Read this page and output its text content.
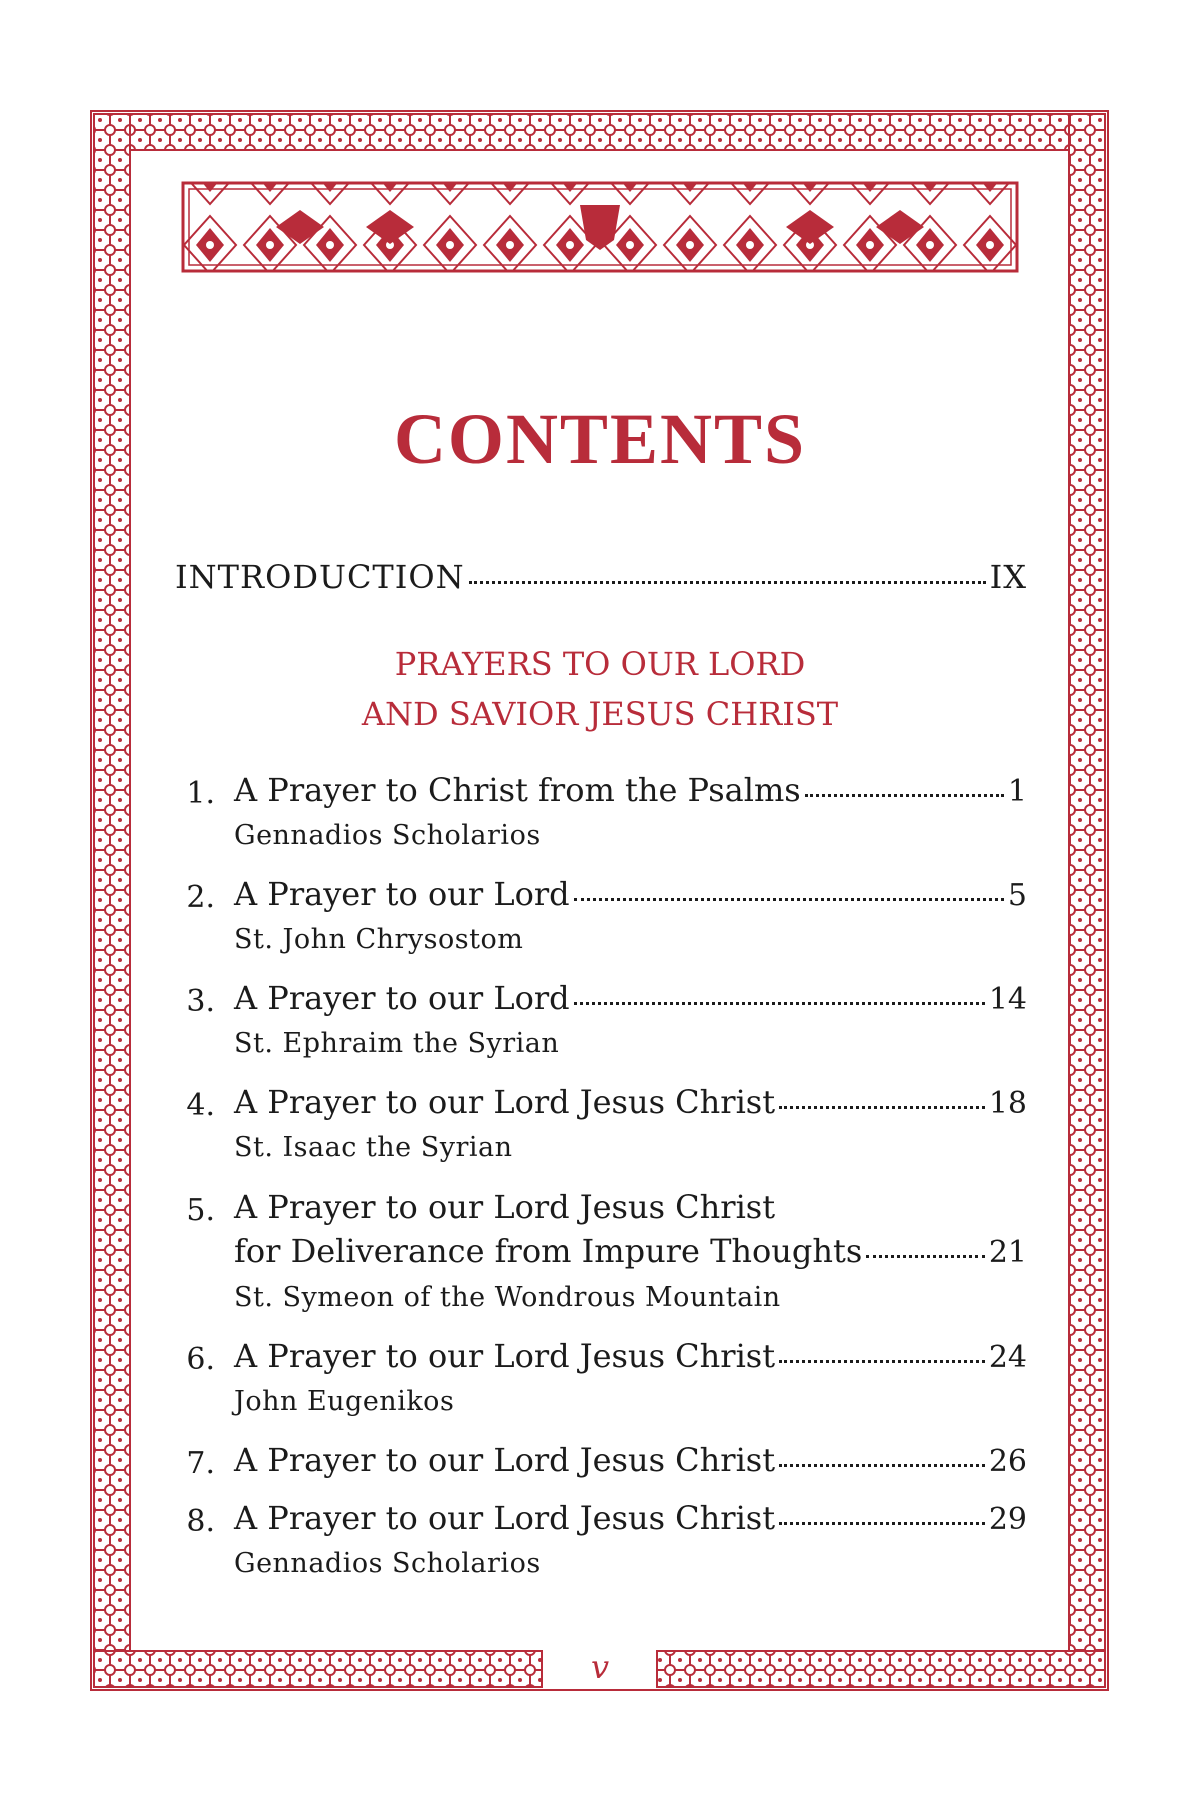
CONTENTS
INTRODUCTION	IX
PRAYERS TO OUR LORD
AND SAVIOR JESUS CHRIST
1. A Prayer to Christ from the Psalms	1
Gennadios Scholarios
2. A Prayer to our Lord	5
St. John Chrysostom
3. A Prayer to our Lord	14
St. Ephraim the Syrian
4. A Prayer to our Lord Jesus Christ	18
St. Isaac the Syrian
5. A Prayer to our Lord Jesus Christ
for Deliverance from Impure Thoughts	21
St. Symeon of the Wondrous Mountain
6. A Prayer to our Lord Jesus Christ	24
John Eugenikos
7. A Prayer to our Lord Jesus Christ	26
8. A Prayer to our Lord Jesus Christ	29
Gennadios Scholarios
v
